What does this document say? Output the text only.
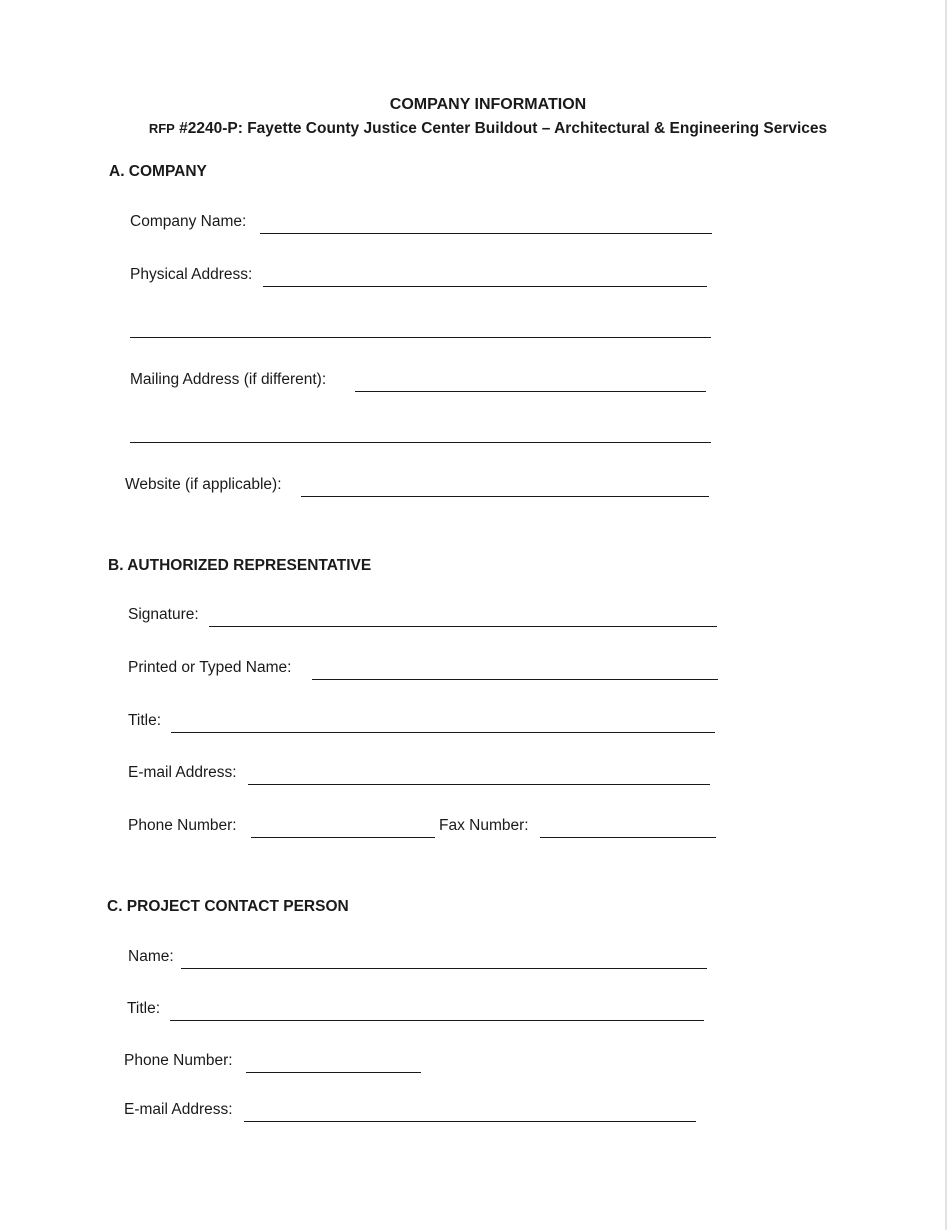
COMPANY INFORMATION
RFP #2240-P: Fayette County Justice Center Buildout – Architectural & Engineering Services
A. COMPANY
Company Name:
Physical Address:
Mailing Address (if different):
Website (if applicable):
B. AUTHORIZED REPRESENTATIVE
Signature:
Printed or Typed Name:
Title:
E-mail Address:
Phone Number:	Fax Number:
C. PROJECT CONTACT PERSON
Name:
Title:
Phone Number:
E-mail Address:
